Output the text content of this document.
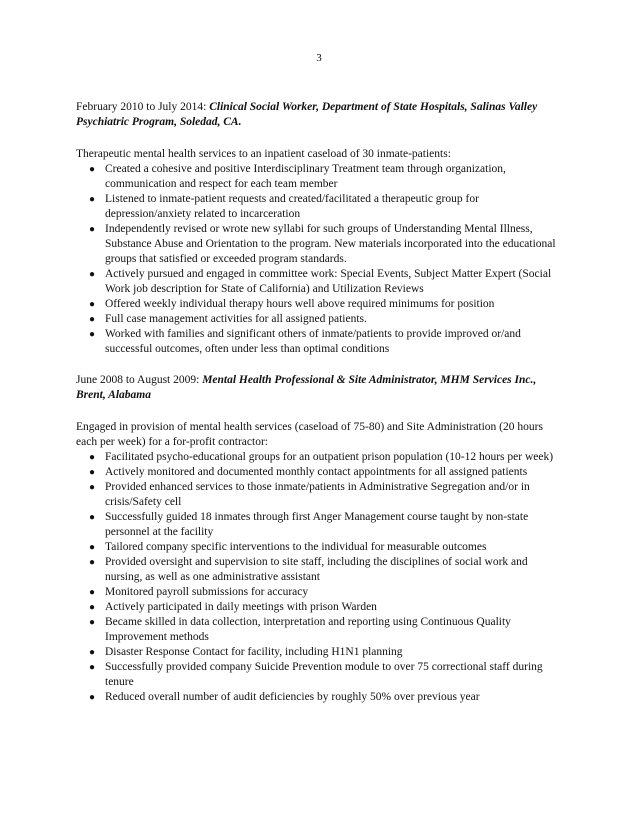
3

February 2010 to July 2014: Clinical Social Worker, Department of State Hospitals, Salinas Valley Psychiatric Program, Soledad, CA.

Therapeutic mental health services to an inpatient caseload of 30 inmate-patients:

● Created a cohesive and positive Interdisciplinary Treatment team through organization, communication and respect for each team member
● Listened to inmate-patient requests and created/facilitated a therapeutic group for depression/anxiety related to incarceration
● Independently revised or wrote new syllabi for such groups of Understanding Mental Illness, Substance Abuse and Orientation to the program. New materials incorporated into the educational groups that satisfied or exceeded program standards.
● Actively pursued and engaged in committee work: Special Events, Subject Matter Expert (Social Work job description for State of California) and Utilization Reviews
● Offered weekly individual therapy hours well above required minimums for position
● Full case management activities for all assigned patients.
● Worked with families and significant others of inmate/patients to provide improved or/and successful outcomes, often under less than optimal conditions

June 2008 to August 2009: Mental Health Professional & Site Administrator, MHM Services Inc., Brent, Alabama

Engaged in provision of mental health services (caseload of 75-80) and Site Administration (20 hours each per week) for a for-profit contractor:

● Facilitated psycho-educational groups for an outpatient prison population (10-12 hours per week)
● Actively monitored and documented monthly contact appointments for all assigned patients
● Provided enhanced services to those inmate/patients in Administrative Segregation and/or in crisis/Safety cell
● Successfully guided 18 inmates through first Anger Management course taught by non-state personnel at the facility
● Tailored company specific interventions to the individual for measurable outcomes
● Provided oversight and supervision to site staff, including the disciplines of social work and nursing, as well as one administrative assistant
● Monitored payroll submissions for accuracy
● Actively participated in daily meetings with prison Warden
● Became skilled in data collection, interpretation and reporting using Continuous Quality Improvement methods
● Disaster Response Contact for facility, including H1N1 planning
● Successfully provided company Suicide Prevention module to over 75 correctional staff during tenure
● Reduced overall number of audit deficiencies by roughly 50% over previous year
